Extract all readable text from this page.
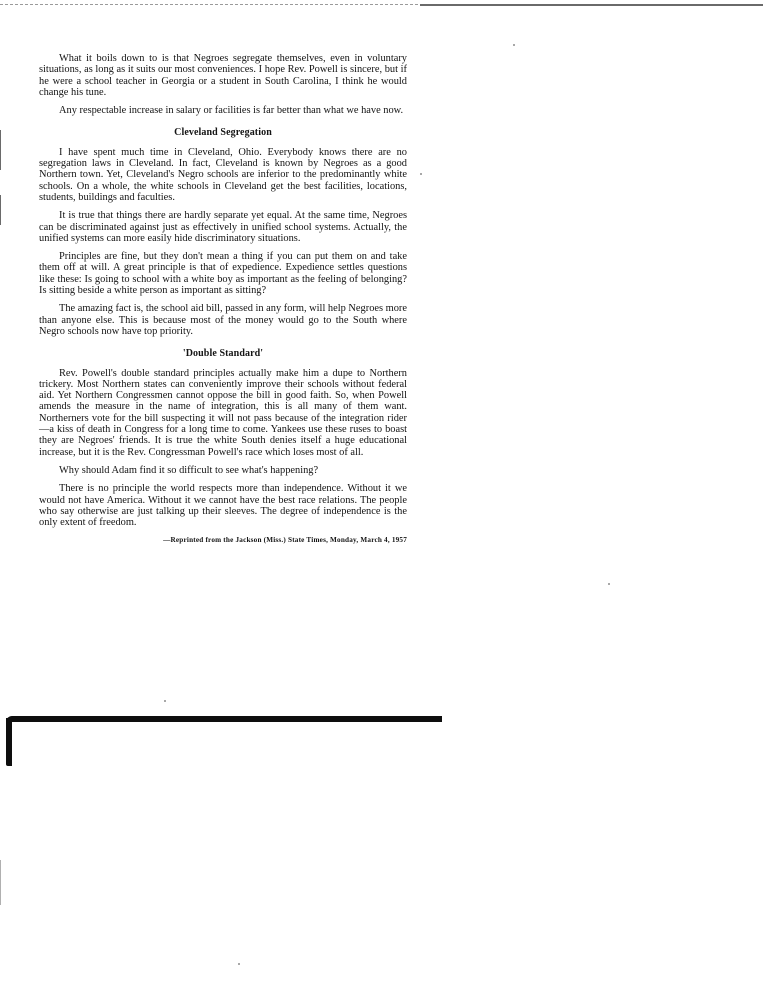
What it boils down to is that Negroes segregate themselves, even in voluntary situations, as long as it suits our most conveniences. I hope Rev. Powell is sincere, but if he were a school teacher in Georgia or a student in South Carolina, I think he would change his tune.

Any respectable increase in salary or facilities is far better than what we have now.

Cleveland Segregation

I have spent much time in Cleveland, Ohio. Everybody knows there are no segregation laws in Cleveland. In fact, Cleveland is known by Negroes as a good Northern town. Yet, Cleveland's Negro schools are inferior to the predominantly white schools. On a whole, the white schools in Cleveland get the best facilities, locations, students, buildings and faculties.

It is true that things there are hardly separate yet equal. At the same time, Negroes can be discriminated against just as effectively in unified school systems. Actually, the unified systems can more easily hide discriminatory situations.

Principles are fine, but they don't mean a thing if you can put them on and take them off at will. A great principle is that of expedience. Expedience settles questions like these: Is going to school with a white boy as important as the feeling of belonging? Is sitting beside a white person as important as sitting?

The amazing fact is, the school aid bill, passed in any form, will help Negroes more than anyone else. This is because most of the money would go to the South where Negro schools now have top priority.

'Double Standard'

Rev. Powell's double standard principles actually make him a dupe to Northern trickery. Most Northern states can conveniently improve their schools without federal aid. Yet Northern Congressmen cannot oppose the bill in good faith. So, when Powell amends the measure in the name of integration, this is all many of them want. Northerners vote for the bill suspecting it will not pass because of the integration rider—a kiss of death in Congress for a long time to come. Yankees use these ruses to boast they are Negroes' friends. It is true the white South denies itself a huge educational increase, but it is the Rev. Congressman Powell's race which loses most of all.

Why should Adam find it so difficult to see what's happening?

There is no principle the world respects more than independence. Without it we would not have America. Without it we cannot have the best race relations. The people who say otherwise are just talking up their sleeves. The degree of independence is the only extent of freedom.

—Reprinted from the Jackson (Miss.) State Times, Monday, March 4, 1957
